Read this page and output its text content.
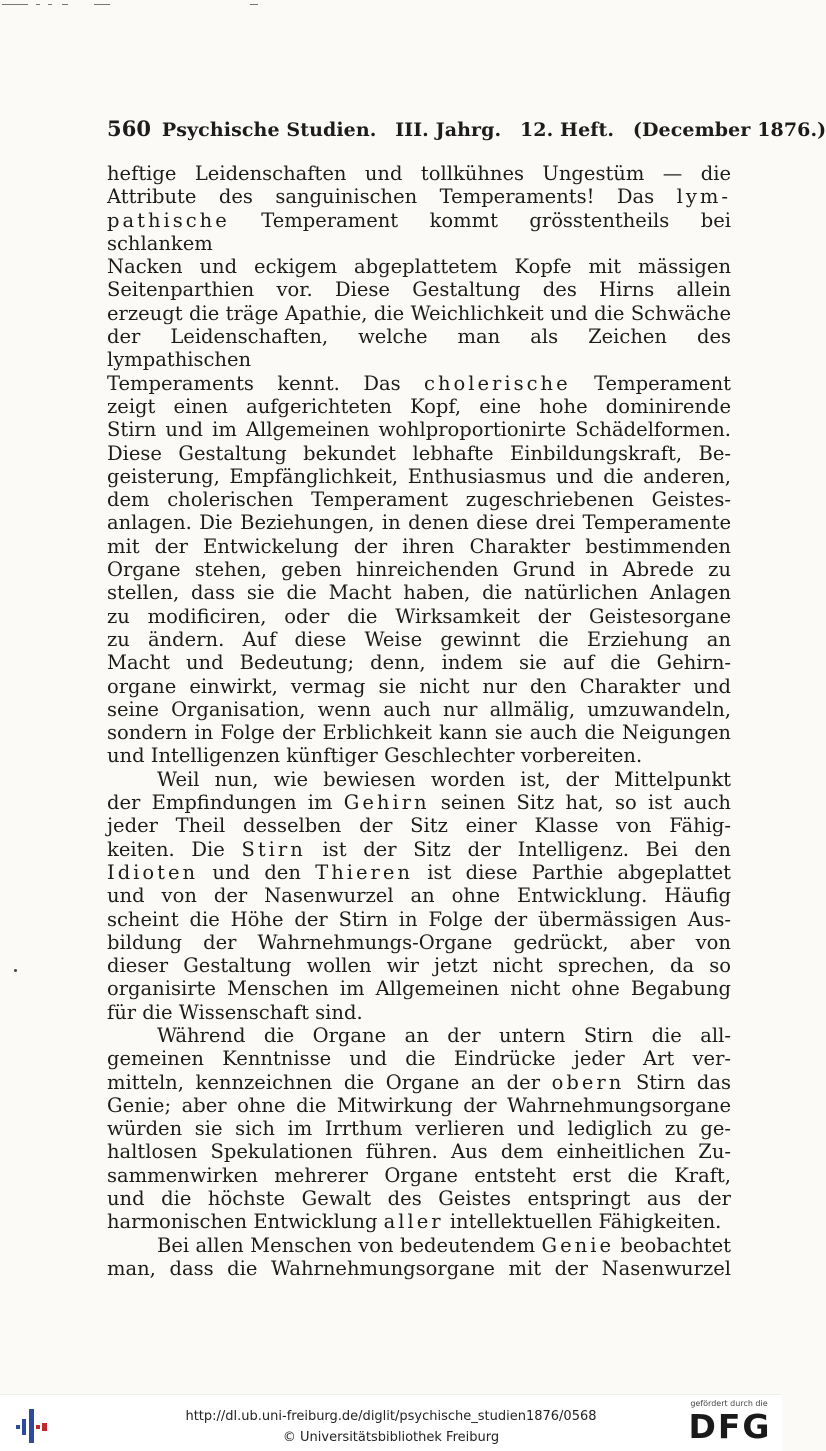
560 Psychische Studien. III. Jahrg. 12. Heft. (December 1876.)

heftige Leidenschaften und tollkühnes Ungestüm — die

Attribute des sanguinischen Temperaments! Das lym-

pathische Temperament kommt grösstentheils bei schlankem

Nacken und eckigem abgeplattetem Kopfe mit mässigen

Seitenparthien vor. Diese Gestaltung des Hirns allein

erzeugt die träge Apathie, die Weichlichkeit und die Schwäche

der Leidenschaften, welche man als Zeichen des lympathischen

Temperaments kennt. Das cholerische Temperament

zeigt einen aufgerichteten Kopf, eine hohe dominirende

Stirn und im Allgemeinen wohlproportionirte Schädelformen.

Diese Gestaltung bekundet lebhafte Einbildungskraft, Be-

geisterung, Empfänglichkeit, Enthusiasmus und die anderen,

dem cholerischen Temperament zugeschriebenen Geistes-

anlagen. Die Beziehungen, in denen diese drei Temperamente

mit der Entwickelung der ihren Charakter bestimmenden

Organe stehen, geben hinreichenden Grund in Abrede zu

stellen, dass sie die Macht haben, die natürlichen Anlagen

zu modificiren, oder die Wirksamkeit der Geistesorgane

zu ändern. Auf diese Weise gewinnt die Erziehung an

Macht und Bedeutung; denn, indem sie auf die Gehirn-

organe einwirkt, vermag sie nicht nur den Charakter und

seine Organisation, wenn auch nur allmälig, umzuwandeln,

sondern in Folge der Erblichkeit kann sie auch die Neigungen

und Intelligenzen künftiger Geschlechter vorbereiten.

Weil nun, wie bewiesen worden ist, der Mittelpunkt

der Empfindungen im Gehirn seinen Sitz hat, so ist auch

jeder Theil desselben der Sitz einer Klasse von Fähig-

keiten. Die Stirn ist der Sitz der Intelligenz. Bei den

Idioten und den Thieren ist diese Parthie abgeplattet

und von der Nasenwurzel an ohne Entwicklung. Häufig

scheint die Höhe der Stirn in Folge der übermässigen Aus-

bildung der Wahrnehmungs-Organe gedrückt, aber von

dieser Gestaltung wollen wir jetzt nicht sprechen, da so

organisirte Menschen im Allgemeinen nicht ohne Begabung

für die Wissenschaft sind.

Während die Organe an der untern Stirn die all-

gemeinen Kenntnisse und die Eindrücke jeder Art ver-

mitteln, kennzeichnen die Organe an der obern Stirn das

Genie; aber ohne die Mitwirkung der Wahrnehmungsorgane

würden sie sich im Irrthum verlieren und lediglich zu ge-

haltlosen Spekulationen führen. Aus dem einheitlichen Zu-

sammenwirken mehrerer Organe entsteht erst die Kraft,

und die höchste Gewalt des Geistes entspringt aus der

harmonischen Entwicklung aller intellektuellen Fähigkeiten.

Bei allen Menschen von bedeutendem Genie beobachtet

man, dass die Wahrnehmungsorgane mit der Nasenwurzel

http://dl.ub.uni-freiburg.de/diglit/psychische_studien1876/0568
© Universitätsbibliothek Freiburg
gefördert durch die
DFG
